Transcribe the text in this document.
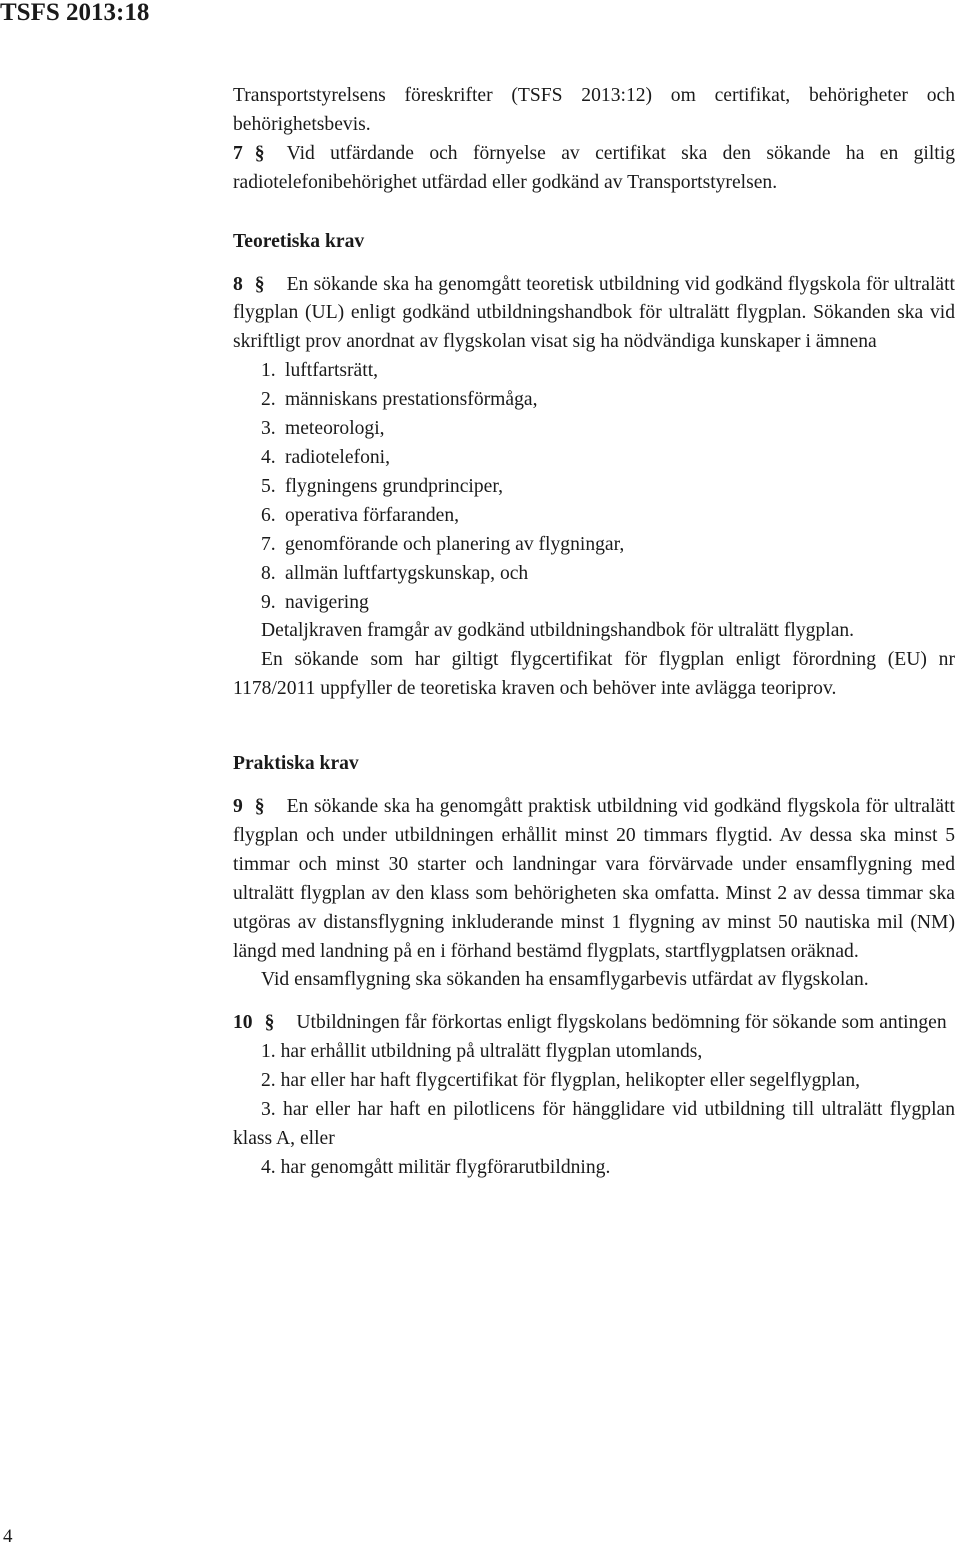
TSFS 2013:18

Transportstyrelsens föreskrifter (TSFS 2013:12) om certifikat, behörigheter och behörighetsbevis.

7 § Vid utfärdande och förnyelse av certifikat ska den sökande ha en giltig radiotelefonibehörighet utfärdad eller godkänd av Transportstyrelsen.

Teoretiska krav

8 § En sökande ska ha genomgått teoretisk utbildning vid godkänd flygskola för ultralätt flygplan (UL) enligt godkänd utbildningshandbok för ultralätt flygplan. Sökanden ska vid skriftligt prov anordnat av flygskolan visat sig ha nödvändiga kunskaper i ämnena

1. luftfartsrätt,

2. människans prestationsförmåga,

3. meteorologi,

4. radiotelefoni,

5. flygningens grundprinciper,

6. operativa förfaranden,

7. genomförande och planering av flygningar,

8. allmän luftfartygskunskap, och

9. navigering

Detaljkraven framgår av godkänd utbildningshandbok för ultralätt flygplan.

En sökande som har giltigt flygcertifikat för flygplan enligt förordning (EU) nr 1178/2011 uppfyller de teoretiska kraven och behöver inte avlägga teoriprov.

Praktiska krav

9 § En sökande ska ha genomgått praktisk utbildning vid godkänd flygskola för ultralätt flygplan och under utbildningen erhållit minst 20 timmars flygtid. Av dessa ska minst 5 timmar och minst 30 starter och landningar vara förvärvade under ensamflygning med ultralätt flygplan av den klass som behörigheten ska omfatta. Minst 2 av dessa timmar ska utgöras av distansflygning inkluderande minst 1 flygning av minst 50 nautiska mil (NM) längd med landning på en i förhand bestämd flygplats, startflygplatsen oräknad.

Vid ensamflygning ska sökanden ha ensamflygarbevis utfärdat av flygskolan.

10 § Utbildningen får förkortas enligt flygskolans bedömning för sökande som antingen

1. har erhållit utbildning på ultralätt flygplan utomlands,

2. har eller har haft flygcertifikat för flygplan, helikopter eller segelflygplan,

3. har eller har haft en pilotlicens för hängglidare vid utbildning till ultralätt flygplan klass A, eller

4. har genomgått militär flygförarutbildning.

4
